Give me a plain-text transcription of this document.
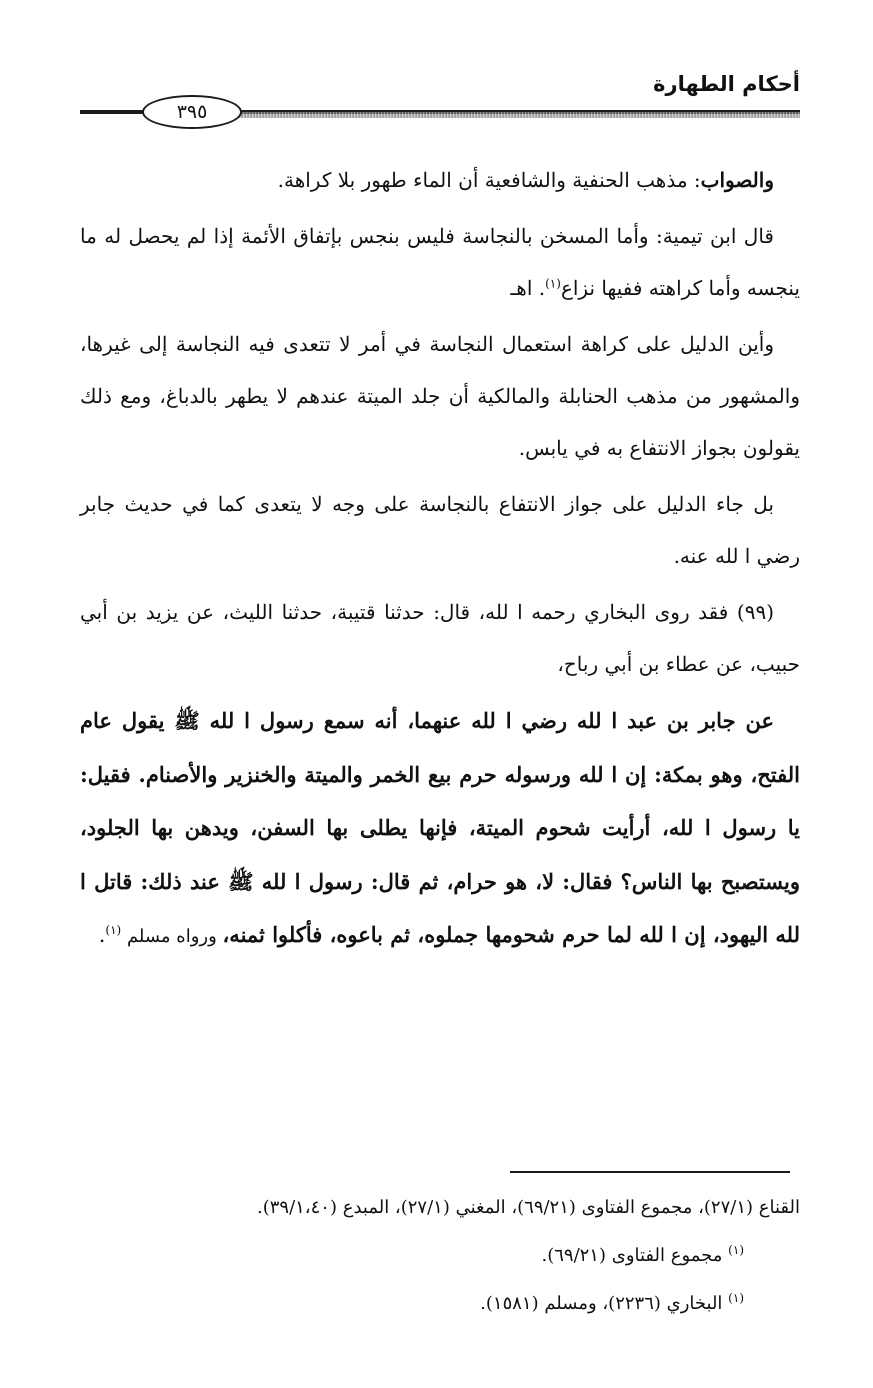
أحكام الطهارة
٣٩٥

والصواب: مذهب الحنفية والشافعية أن الماء طهور بلا كراهة.

قال ابن تيمية: وأما المسخن بالنجاسة فليس بنجس بإتفاق الأئمة إذا لم يحصل له ما ينجسه وأما كراهته ففيها نزاع$^{(١)}$. اهـ

وأين الدليل على كراهة استعمال النجاسة في أمر لا تتعدى فيه النجاسة إلى غيرها، والمشهور من مذهب الحنابلة والمالكية أن جلد الميتة عندهم لا يطهر بالدباغ، ومع ذلك يقولون بجواز الانتفاع به في يابس.

بل جاء الدليل على جواز الانتفاع بالنجاسة على وجه لا يتعدى كما في حديث جابر رضي ا لله عنه.

(٩٩) فقد روى البخاري رحمه ا لله، قال: حدثنا قتيبة، حدثنا الليث، عن يزيد بن أبي حبيب، عن عطاء بن أبي رباح،

عن جابر بن عبد ا لله رضي ا لله عنهما، أنه سمع رسول ا لله ﷺ يقول عام الفتح، وهو بمكة: إن ا لله ورسوله حرم بيع الخمر والميتة والخنزير والأصنام. فقيل: يا رسول ا لله، أرأيت شحوم الميتة، فإنها يطلى بها السفن، ويدهن بها الجلود، ويستصبح بها الناس؟ فقال: لا، هو حرام، ثم قال: رسول ا لله ﷺ عند ذلك: قاتل ا لله اليهود، إن ا لله لما حرم شحومها جملوه، ثم باعوه، فأكلوا ثمنه، ورواه مسلم $^{(١)}$.

القناع (٢٧/١)، مجموع الفتاوى (٦٩/٢١)، المغني (٢٧/١)، المبدع (٣٩/١،٤٠).

$^{(١)}$ مجموع الفتاوى (٦٩/٢١).

$^{(١)}$ البخاري (٢٢٣٦)، ومسلم (١٥٨١).
